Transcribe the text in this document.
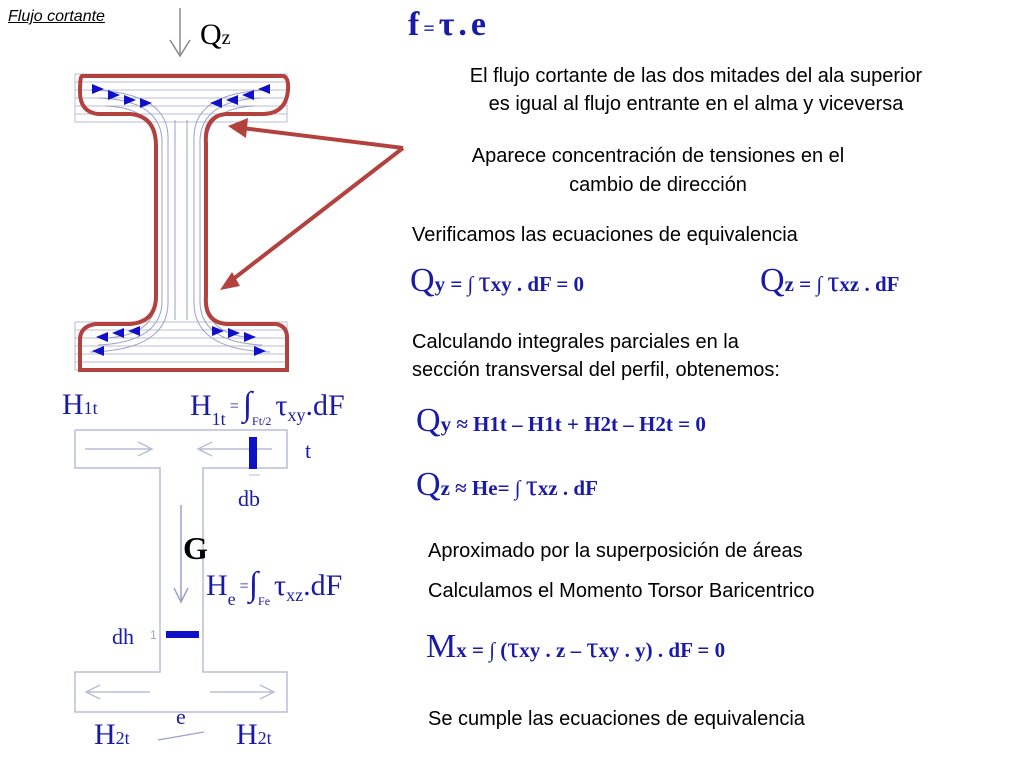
Flujo cortante
Qz	f = τ . e
El flujo cortante de las dos mitades del ala superior
es igual al flujo entrante en el alma y viceversa
Aparece concentración de tensiones en el
cambio de dirección
Verificamos las ecuaciones de equivalencia
Qy = ∫ τxy . dF = 0	Qz = ∫ τxz . dF
Calculando integrales parciales en la
sección transversal del perfil, obtenemos:
Qy ≈ H1t – H1t + H2t – H2t = 0
Qz ≈ He= ∫ τxz . dF
Aproximado por la superposición de áreas
Calculamos el Momento Torsor Baricentrico
Mx = ∫ (τxy . z – τxy . y) . dF = 0
Se cumple las ecuaciones de equivalencia
H1t	$H1t = \int_{Ft/2}$ τxy.dF
t
db
G
$He =\int_{Fe}$ τxz.dF
dh 1
e
H2t	H2t
